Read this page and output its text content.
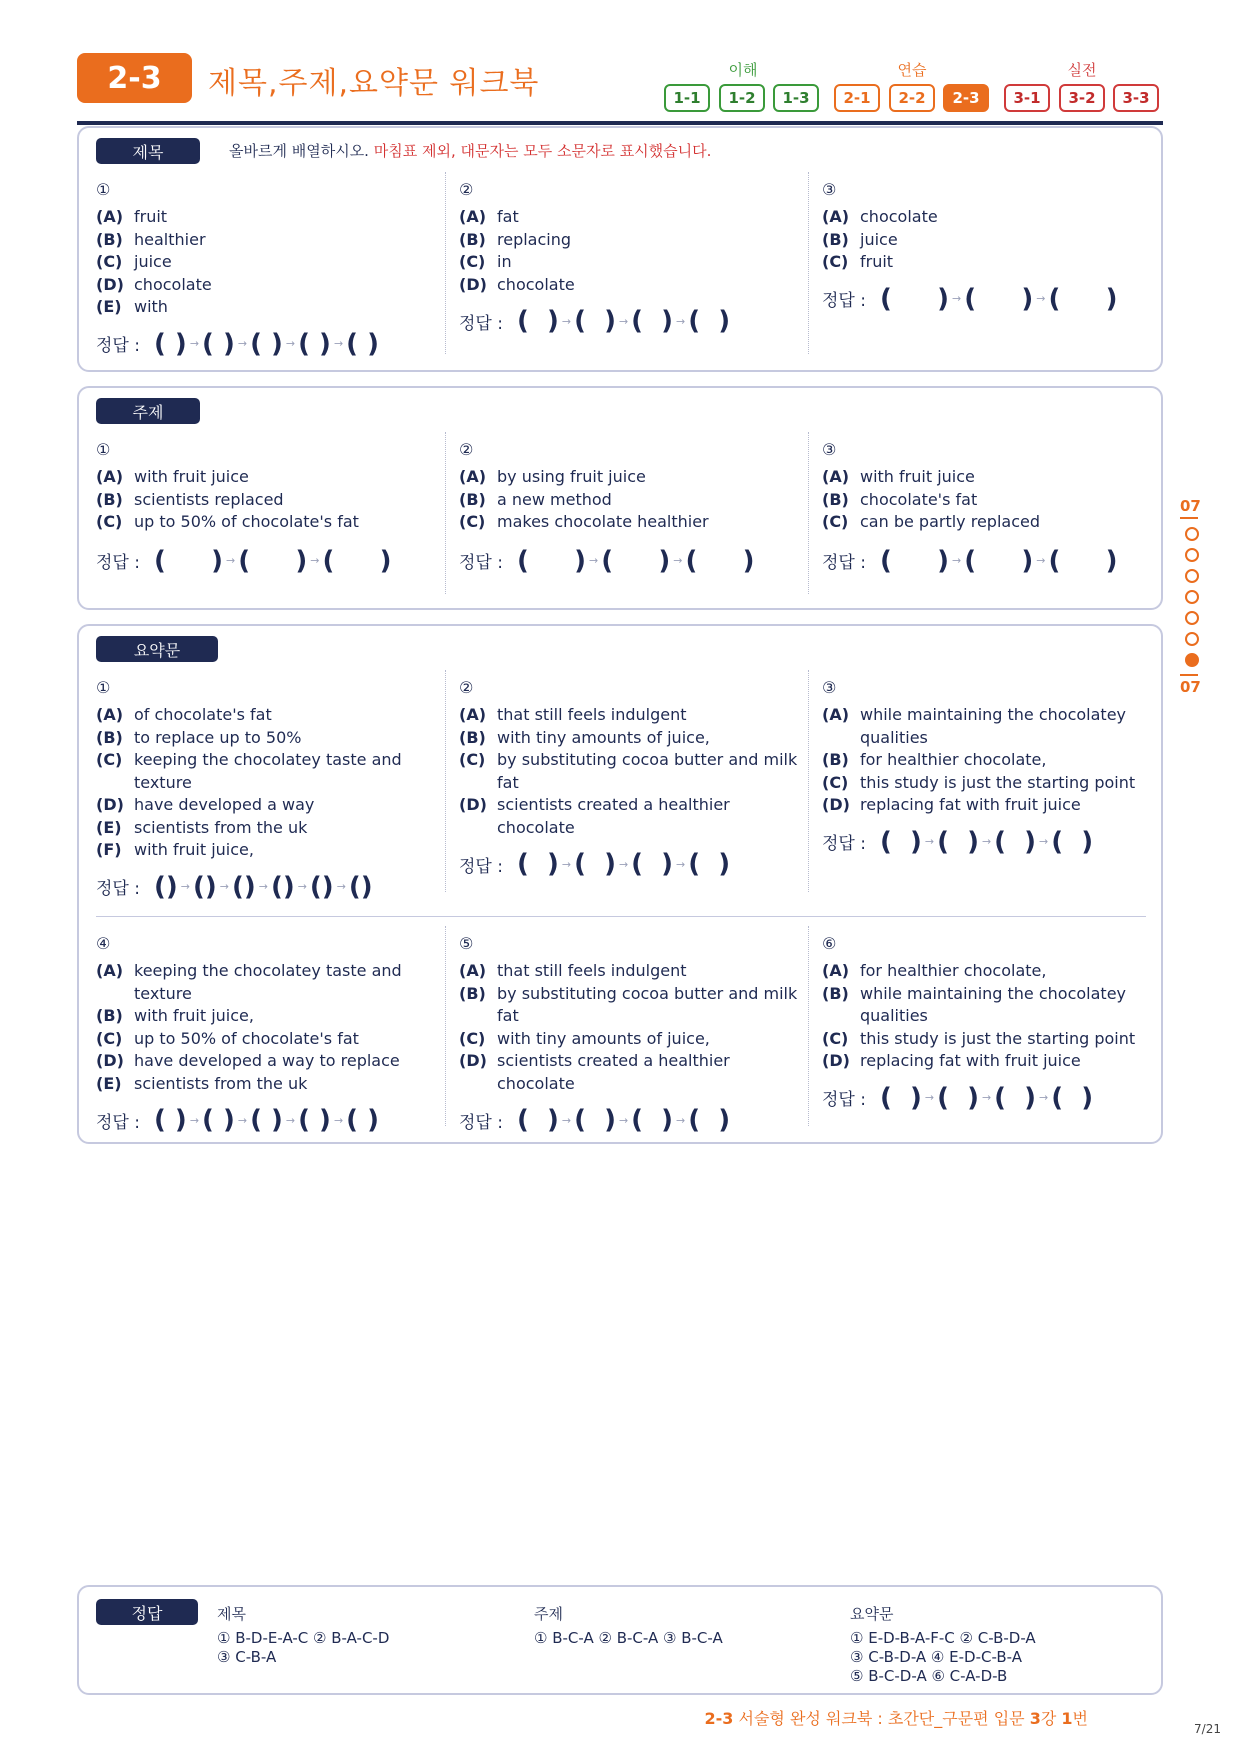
2-3	제목,주제,요약문 워크북	이해	연습	실전
1-1	1-2	1-3	2-1	2-2	2-3	3-1	3-2	3-3
07
07
제목	올바르게 배열하시오. 마침표 제외, 대문자는 모두 소문자로 표시했습니다.
①
(A) fruit
(B) healthier
(C) juice
(D) chocolate
(E) with
정답 : ( ) → ( ) → ( ) → ( ) → ( )
②
(A) fat
(B) replacing
(C) in
(D) chocolate
정답 : (  ) → (  ) → (  ) → (  )
③
(A) chocolate
(B) juice
(C) fruit
정답 : (     ) → (     ) → (     )
주제
①
(A) with fruit juice
(B) scientists replaced
(C) up to 50% of chocolate's fat
정답 : (     ) → (     ) → (     )
②
(A) by using fruit juice
(B) a new method
(C) makes chocolate healthier
정답 : (     ) → (     ) → (     )
③
(A) with fruit juice
(B) chocolate's fat
(C) can be partly replaced
정답 : (     ) → (     ) → (     )
요약문
①
(A) of chocolate's fat
(B) to replace up to 50%
(C) keeping the chocolatey taste and texture
(D) have developed a way
(E) scientists from the uk
(F) with fruit juice,
정답 : () → () → () → () → () → ()
②
(A) that still feels indulgent
(B) with tiny amounts of juice,
(C) by substituting cocoa butter and milk fat
(D) scientists created a healthier chocolate
정답 : (  ) → (  ) → (  ) → (  )
③
(A) while maintaining the chocolatey qualities
(B) for healthier chocolate,
(C) this study is just the starting point
(D) replacing fat with fruit juice
정답 : (  ) → (  ) → (  ) → (  )
④
(A) keeping the chocolatey taste and texture
(B) with fruit juice,
(C) up to 50% of chocolate's fat
(D) have developed a way to replace
(E) scientists from the uk
정답 : ( ) → ( ) → ( ) → ( ) → ( )
⑤
(A) that still feels indulgent
(B) by substituting cocoa butter and milk fat
(C) with tiny amounts of juice,
(D) scientists created a healthier chocolate
정답 : (  ) → (  ) → (  ) → (  )
⑥
(A) for healthier chocolate,
(B) while maintaining the chocolatey qualities
(C) this study is just the starting point
(D) replacing fat with fruit juice
정답 : (  ) → (  ) → (  ) → (  )
정답	제목
① B-D-E-A-C ② B-A-C-D
③ C-B-A
주제
① B-C-A ② B-C-A ③ B-C-A
요약문
① E-D-B-A-F-C ② C-B-D-A
③ C-B-D-A ④ E-D-C-B-A
⑤ B-C-D-A ⑥ C-A-D-B
2-3 서술형 완성 워크북 : 초간단_구문편 입문 3강 1번
7/21
